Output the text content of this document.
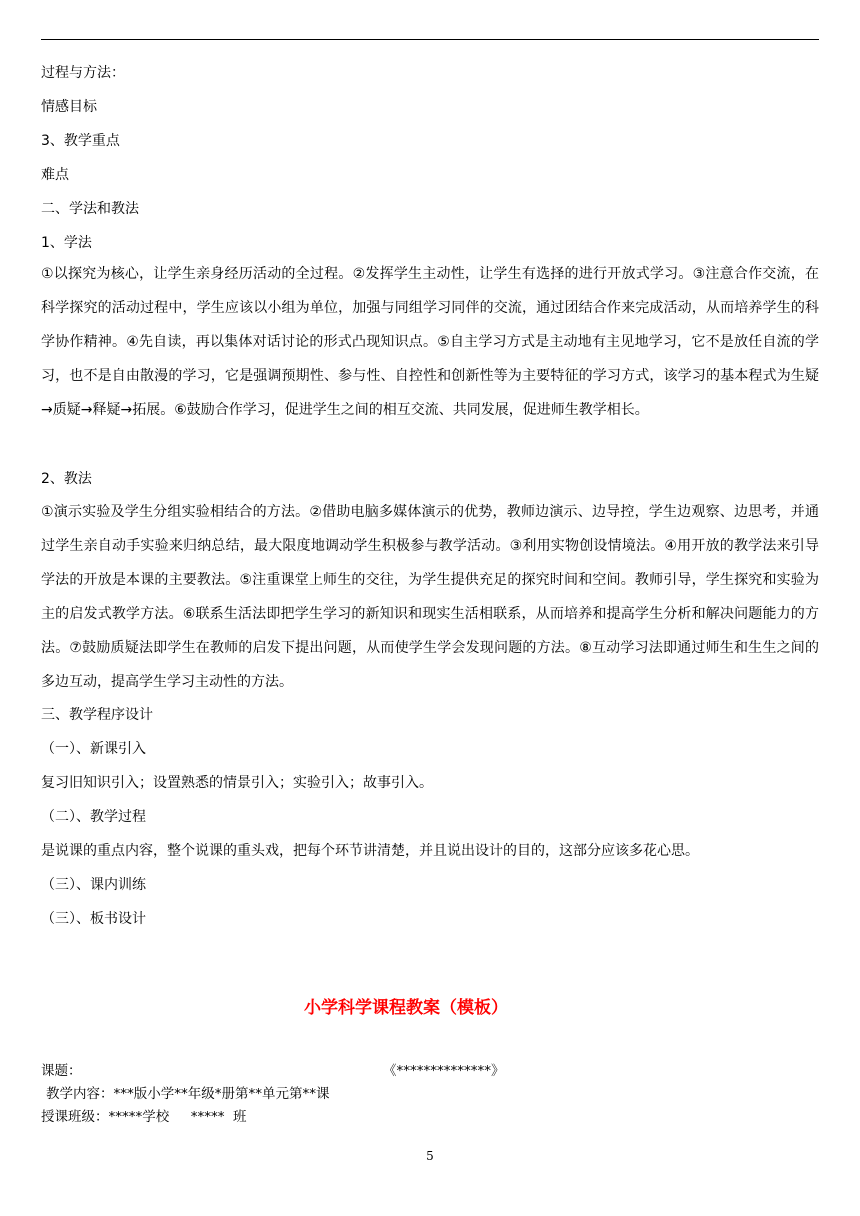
过程与方法：
情感目标
3、教学重点
难点
二、学法和教法
1、学法
①以探究为核心，让学生亲身经历活动的全过程。②发挥学生主动性，让学生有选择的进行开放式学习。③注意合作交流，在科学探究的活动过程中，学生应该以小组为单位，加强与同组学习同伴的交流，通过团结合作来完成活动，从而培养学生的科学协作精神。④先自读，再以集体对话讨论的形式凸现知识点。⑤自主学习方式是主动地有主见地学习，它不是放任自流的学习，也不是自由散漫的学习，它是强调预期性、参与性、自控性和创新性等为主要特征的学习方式，该学习的基本程式为生疑→质疑→释疑→拓展。⑥鼓励合作学习，促进学生之间的相互交流、共同发展，促进师生教学相长。
2、教法
①演示实验及学生分组实验相结合的方法。②借助电脑多媒体演示的优势，教师边演示、边导控，学生边观察、边思考，并通过学生亲自动手实验来归纳总结，最大限度地调动学生积极参与教学活动。③利用实物创设情境法。④用开放的教学法来引导学法的开放是本课的主要教法。⑤注重课堂上师生的交往，为学生提供充足的探究时间和空间。教师引导，学生探究和实验为主的启发式教学方法。⑥联系生活法即把学生学习的新知识和现实生活相联系，从而培养和提高学生分析和解决问题能力的方法。⑦鼓励质疑法即学生在教师的启发下提出问题，从而使学生学会发现问题的方法。⑧互动学习法即通过师生和生生之间的多边互动，提高学生学习主动性的方法。
三、教学程序设计
（一）、新课引入
复习旧知识引入；设置熟悉的情景引入；实验引入；故事引入。
（二）、教学过程
是说课的重点内容，整个说课的重头戏，把每个环节讲清楚，并且说出设计的目的，这部分应该多花心思。
（三）、课内训练
（三）、板书设计
小学科学课程教案（模板）
课题：	《**************》
教学内容：***版小学**年级*册第**单元第**课
授课班级：*****学校     *****  班
5
